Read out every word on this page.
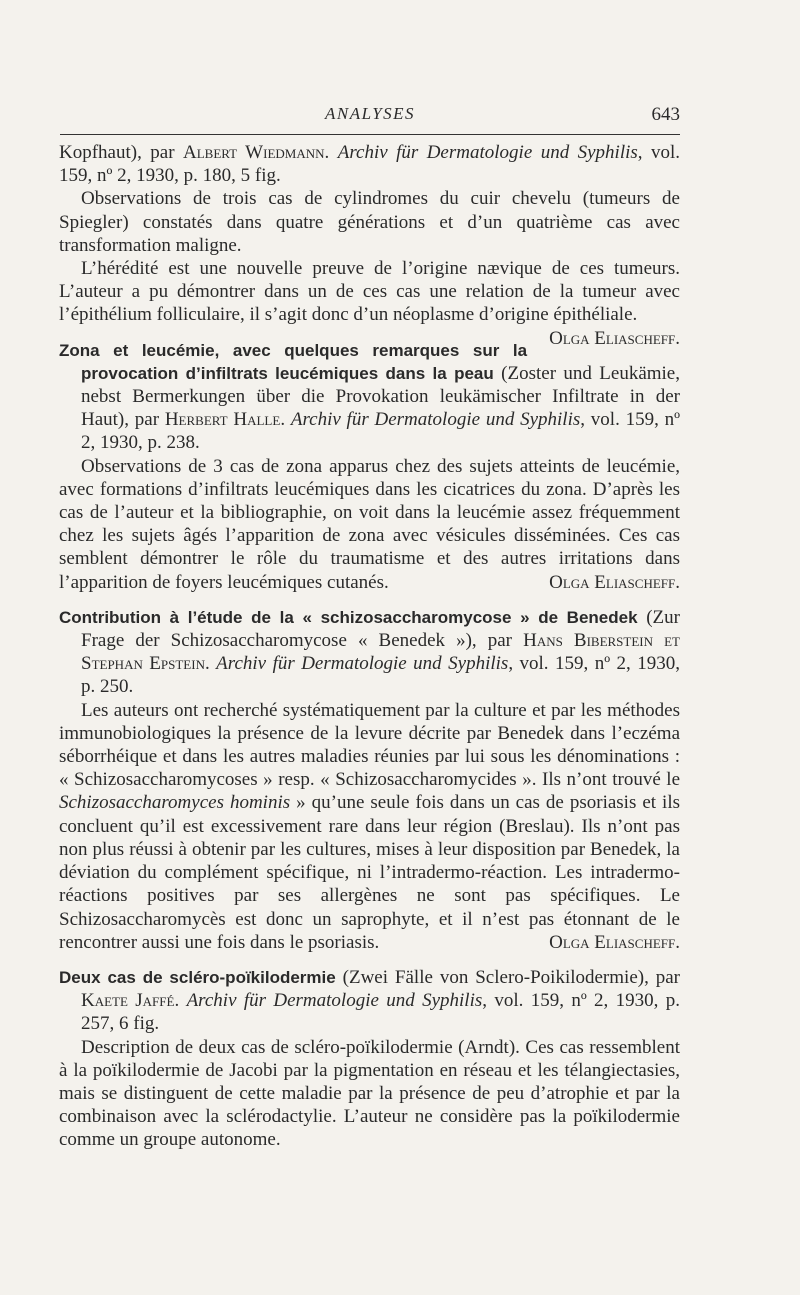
ANALYSES	643

Kopfhaut), par Albert Wiedmann. Archiv für Dermatologie und Syphilis, vol. 159, nº 2, 1930, p. 180, 5 fig.

Observations de trois cas de cylindromes du cuir chevelu (tumeurs de Spiegler) constatés dans quatre générations et d’un quatrième cas avec transformation maligne.

L’hérédité est une nouvelle preuve de l’origine nævique de ces tumeurs. L’auteur a pu démontrer dans un de ces cas une relation de la tumeur avec l’épithélium folliculaire, il s’agit donc d’un néoplasme d’origine épithéliale.
Olga Eliascheff.

Zona et leucémie, avec quelques remarques sur la provocation d’infiltrats leucémiques dans la peau (Zoster und Leukämie, nebst Bermerkungen über die Provokation leukämischer Infiltrate in der Haut), par Herbert Halle. Archiv für Dermatologie und Syphilis, vol. 159, nº 2, 1930, p. 238.

Observations de 3 cas de zona apparus chez des sujets atteints de leucémie, avec formations d’infiltrats leucémiques dans les cicatrices du zona. D’après les cas de l’auteur et la bibliographie, on voit dans la leucémie assez fréquemment chez les sujets âgés l’apparition de zona avec vésicules disséminées. Ces cas semblent démontrer le rôle du traumatisme et des autres irritations dans l’apparition de foyers leucémiques cutanés.	Olga Eliascheff.

Contribution à l’étude de la « schizosaccharomycose » de Benedek (Zur Frage der Schizosaccharomycose « Benedek »), par Hans Biberstein et Stephan Epstein. Archiv für Dermatologie und Syphilis, vol. 159, nº 2, 1930, p. 250.

Les auteurs ont recherché systématiquement par la culture et par les méthodes immunobiologiques la présence de la levure décrite par Benedek dans l’eczéma séborrhéique et dans les autres maladies réunies par lui sous les dénominations : « Schizosaccharomycoses » resp. « Schizosaccharomycides ». Ils n’ont trouvé le Schizosaccharomyces hominis » qu’une seule fois dans un cas de psoriasis et ils concluent qu’il est excessivement rare dans leur région (Breslau). Ils n’ont pas non plus réussi à obtenir par les cultures, mises à leur disposition par Benedek, la déviation du complément spécifique, ni l’intradermo-réaction. Les intradermo-réactions positives par ses allergènes ne sont pas spécifiques. Le Schizosaccharomycès est donc un saprophyte, et il n’est pas étonnant de le rencontrer aussi une fois dans le psoriasis.	Olga Eliascheff.

Deux cas de scléro-poïkilodermie (Zwei Fälle von Sclero-Poikilodermie), par Kaete Jaffé. Archiv für Dermatologie und Syphilis, vol. 159, nº 2, 1930, p. 257, 6 fig.

Description de deux cas de scléro-poïkilodermie (Arndt). Ces cas ressemblent à la poïkilodermie de Jacobi par la pigmentation en réseau et les télangiectasies, mais se distinguent de cette maladie par la présence de peu d’atrophie et par la combinaison avec la sclérodactylie. L’auteur ne considère pas la poïkilodermie comme un groupe autonome.
